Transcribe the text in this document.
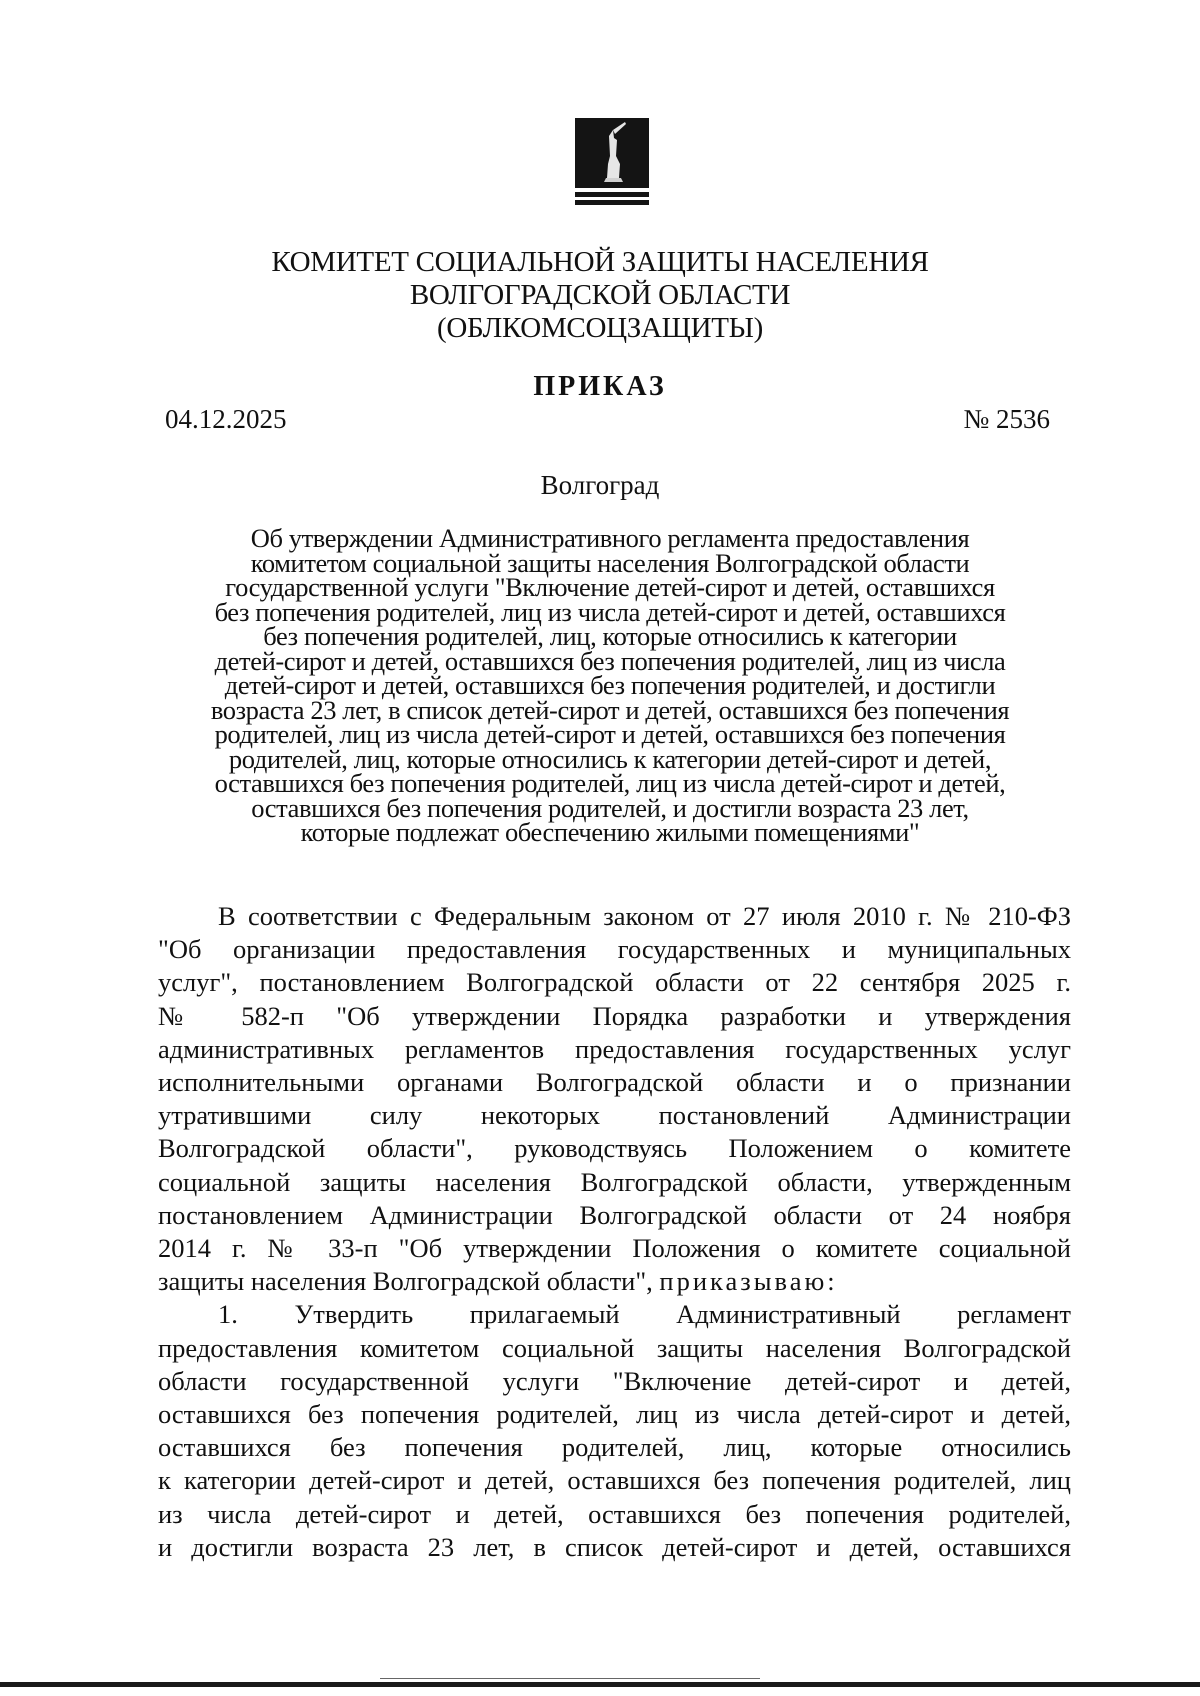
КОМИТЕТ СОЦИАЛЬНОЙ ЗАЩИТЫ НАСЕЛЕНИЯ
ВОЛГОГРАДСКОЙ ОБЛАСТИ
(ОБЛКОМСОЦЗАЩИТЫ)
ПРИКАЗ
04.12.2025	№ 2536
Волгоград
Об утверждении Административного регламента предоставления
комитетом социальной защиты населения Волгоградской области
государственной услуги "Включение детей-сирот и детей, оставшихся
без попечения родителей, лиц из числа детей-сирот и детей, оставшихся
без попечения родителей, лиц, которые относились к категории
детей-сирот и детей, оставшихся без попечения родителей, лиц из числа
детей-сирот и детей, оставшихся без попечения родителей, и достигли
возраста 23 лет, в список детей-сирот и детей, оставшихся без попечения
родителей, лиц из числа детей-сирот и детей, оставшихся без попечения
родителей, лиц, которые относились к категории детей-сирот и детей,
оставшихся без попечения родителей, лиц из числа детей-сирот и детей,
оставшихся без попечения родителей, и достигли возраста 23 лет,
которые подлежат обеспечению жилыми помещениями"
В соответствии с Федеральным законом от 27 июля 2010 г. № 210-ФЗ
"Об организации предоставления государственных и муниципальных
услуг", постановлением Волгоградской области от 22 сентября 2025 г.
№ 582-п "Об утверждении Порядка разработки и утверждения
административных регламентов предоставления государственных услуг
исполнительными органами Волгоградской области и о признании
утратившими силу некоторых постановлений Администрации
Волгоградской области", руководствуясь Положением о комитете
социальной защиты населения Волгоградской области, утвержденным
постановлением Администрации Волгоградской области от 24 ноября
2014 г. № 33-п "Об утверждении Положения о комитете социальной
защиты населения Волгоградской области", приказываю:
1. Утвердить прилагаемый Административный регламент
предоставления комитетом социальной защиты населения Волгоградской
области государственной услуги "Включение детей-сирот и детей,
оставшихся без попечения родителей, лиц из числа детей-сирот и детей,
оставшихся без попечения родителей, лиц, которые относились
к категории детей-сирот и детей, оставшихся без попечения родителей, лиц
из числа детей-сирот и детей, оставшихся без попечения родителей,
и достигли возраста 23 лет, в список детей-сирот и детей, оставшихся
